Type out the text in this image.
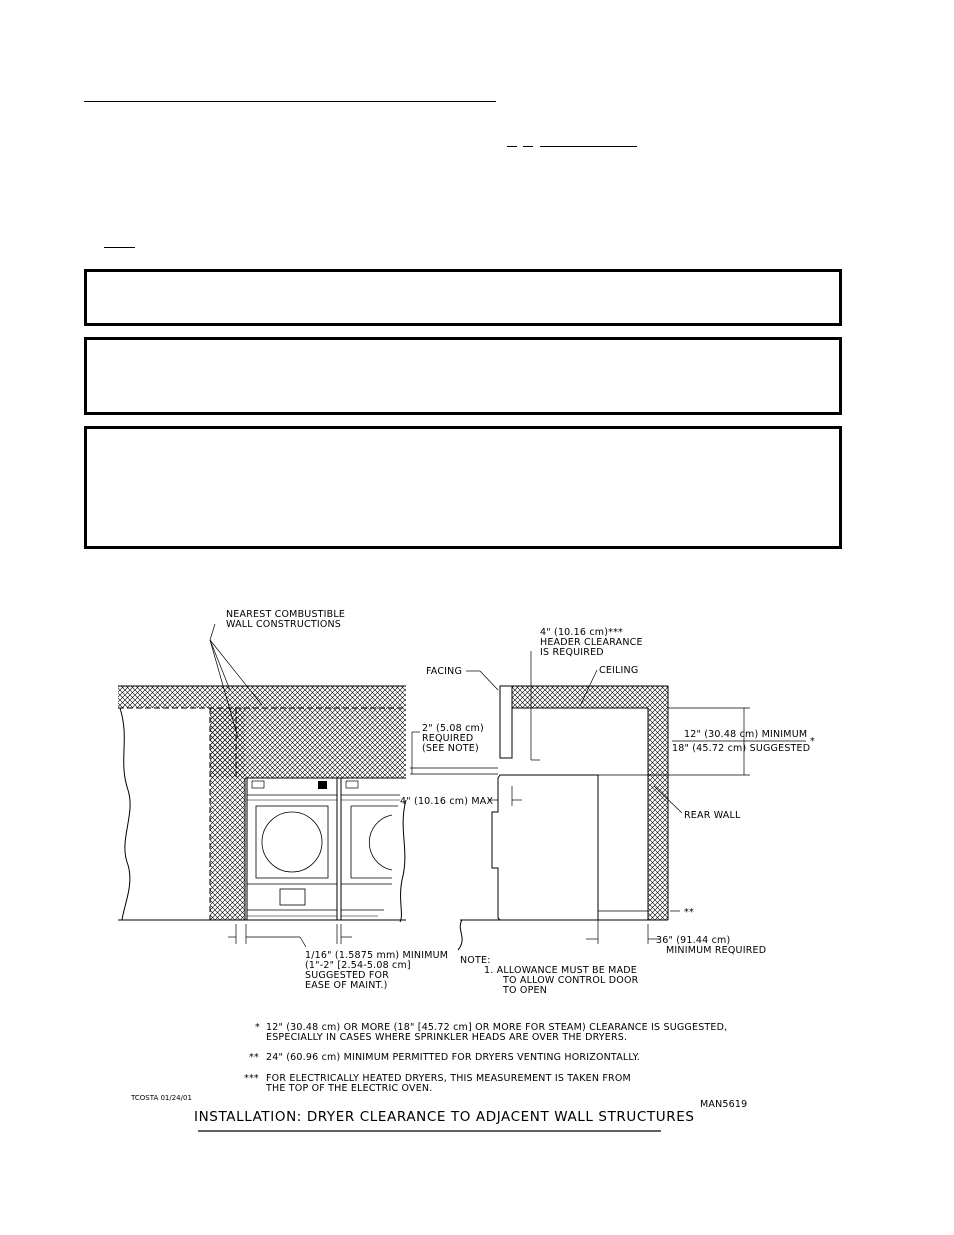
NEAREST COMBUSTIBLE WALL CONSTRUCTIONS
4" (10.16 cm)*** HEADER CLEARANCE IS REQUIRED
CEILING
FACING
2" (5.08 cm) REQUIRED (SEE NOTE)
4" (10.16 cm) MAX
12" (30.48 cm) MINIMUM 18" (45.72 cm) SUGGESTED
*
REAR WALL
**
1/16" (1.5875 mm) MINIMUM (1"-2" [2.54-5.08 cm] SUGGESTED FOR EASE OF MAINT.)
36" (91.44 cm) MINIMUM REQUIRED
NOTE: 1. ALLOWANCE MUST BE MADE TO ALLOW CONTROL DOOR TO OPEN
* 12" (30.48 cm) OR MORE (18" [45.72 cm] OR MORE FOR STEAM) CLEARANCE IS SUGGESTED, ESPECIALLY IN CASES WHERE SPRINKLER HEADS ARE OVER THE DRYERS.
** 24" (60.96 cm) MINIMUM PERMITTED FOR DRYERS VENTING HORIZONTALLY.
*** FOR ELECTRICALLY HEATED DRYERS, THIS MEASUREMENT IS TAKEN FROM THE TOP OF THE ELECTRIC OVEN.
TCOSTA 01/24/01
MAN5619
INSTALLATION: DRYER CLEARANCE TO ADJACENT WALL STRUCTURES
